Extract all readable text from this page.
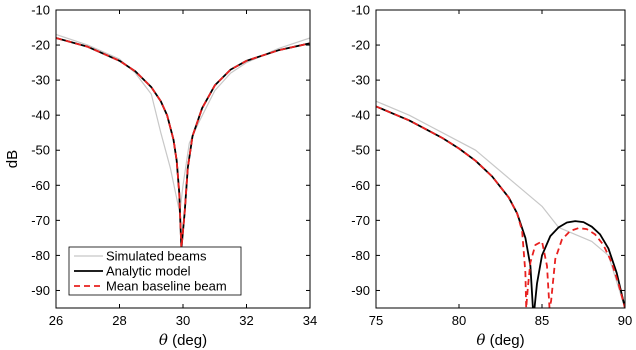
26	28	30	32	34
-90
-80
-70
-60
-50
-40
-30
-20
-10
θ (deg)
dB
Simulated beams
Analytic model
Mean baseline beam
75	80	85	90
-90
-80
-70
-60
-50
-40
-30
-20
-10
θ (deg)
